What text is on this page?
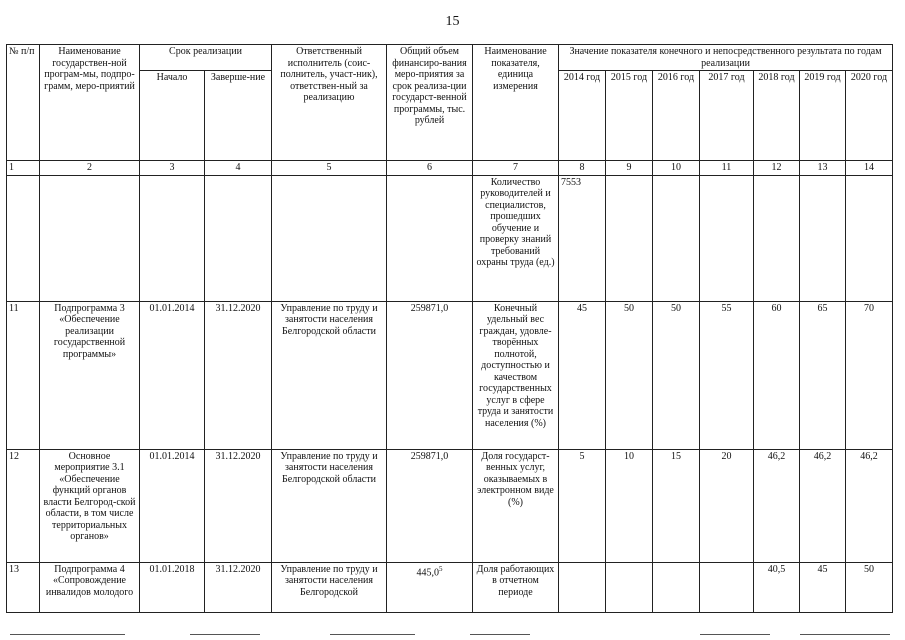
15
№ п/п	Наименование государствен-ной програм-мы, подпро-грамм, меро-приятий	Срок реализации		Ответственный исполнитель (соис-полнитель, участ-ник), ответствен-ный за реализацию	Общий объем финансиро-вания меро-приятия за срок реализа-ции государст-венной программы, тыс. рублей	Наименование показателя, единица измерения	Значение показателя конечного и непосредственного результата по годам реализации						
		Начало	Заверше-ние				2014 год	2015 год	2016 год	2017 год	2018 год	2019 год	2020 год
1	2	3	4	5	6	7	8	9	10	11	12	13	14
						Количество руководителей и специалистов, прошедших обучение и проверку знаний требований охраны труда (ед.)	7553						
11	Подпрограмма 3 «Обеспечение реализации государственной программы»	01.01.2014	31.12.2020	Управление по труду и занятости населения Белгородской области	259871,0	Конечный удельный вес граждан, удовле-творённых полнотой, доступностью и качеством государственных услуг в сфере труда и занятости населения (%)	45	50	50	55	60	65	70
12	Основное мероприятие 3.1 «Обеспечение функций органов власти Белгород-ской области, в том числе территориальных органов»	01.01.2014	31.12.2020	Управление по труду и занятости населения Белгородской области	259871,0	Доля государст-венных услуг, оказываемых в электронном виде (%)	5	10	15	20	46,2	46,2	46,2
13	Подпрограмма 4 «Сопровождение инвалидов молодого	01.01.2018	31.12.2020	Управление по труду и занятости населения Белгородской	445,0$^5$	Доля работающих в отчетном периоде					40,5	45	50
